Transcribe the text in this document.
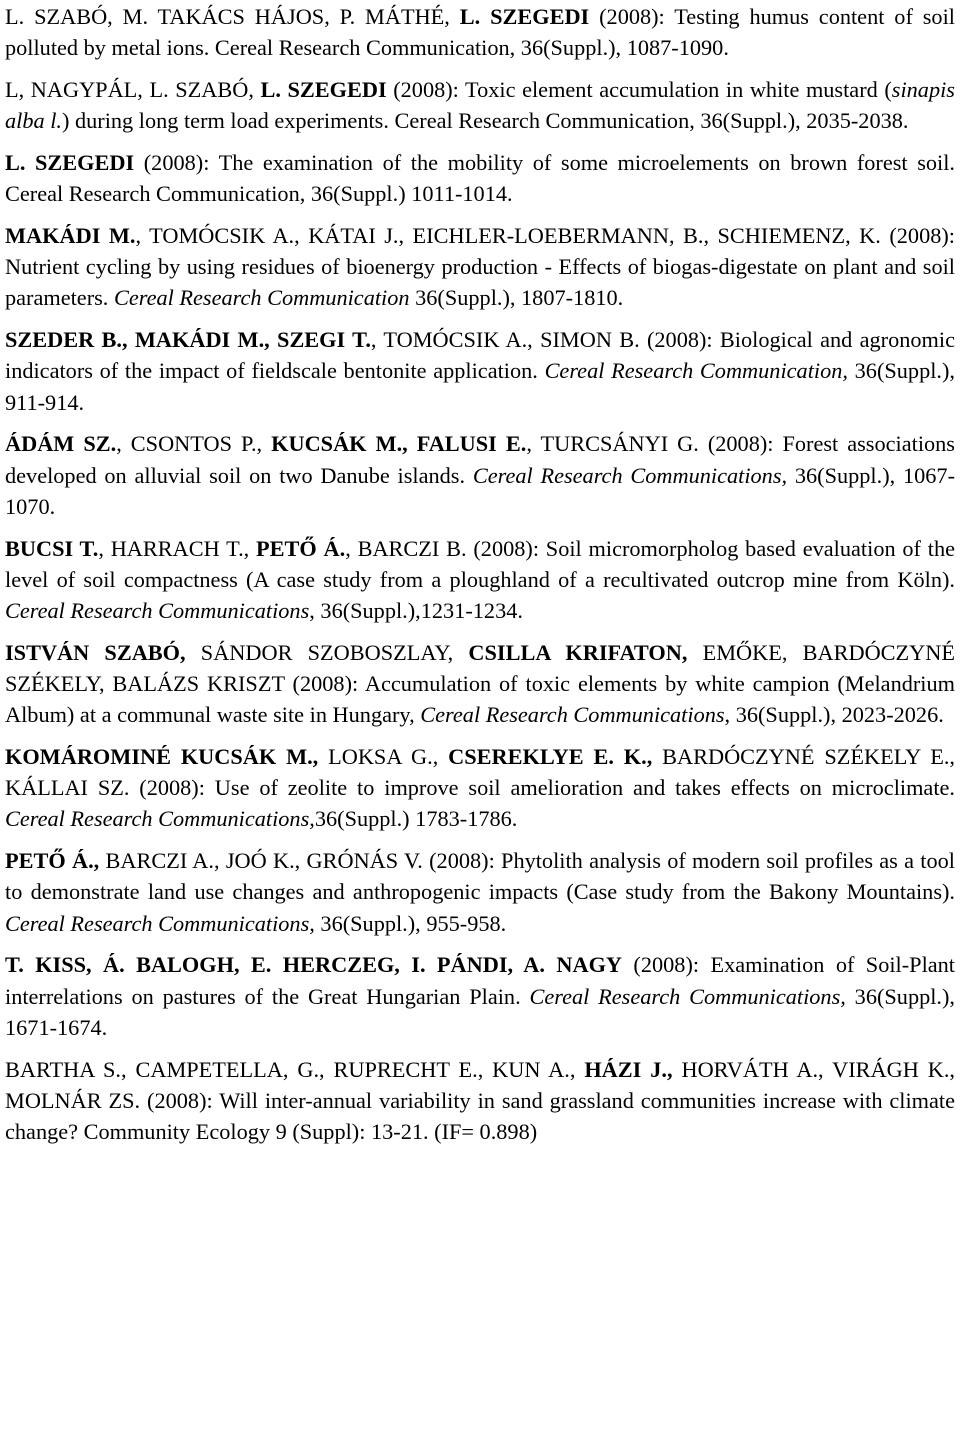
L. SZABÓ, M. TAKÁCS HÁJOS, P. MÁTHÉ, L. SZEGEDI (2008): Testing humus content of soil polluted by metal ions. Cereal Research Communication, 36(Suppl.), 1087-1090.

L, NAGYPÁL, L. SZABÓ, L. SZEGEDI (2008): Toxic element accumulation in white mustard (sinapis alba l.) during long term load experiments. Cereal Research Communication, 36(Suppl.), 2035-2038.

L. SZEGEDI (2008): The examination of the mobility of some microelements on brown forest soil. Cereal Research Communication, 36(Suppl.) 1011-1014.

MAKÁDI M., TOMÓCSIK A., KÁTAI J., EICHLER-LOEBERMANN, B., SCHIEMENZ, K. (2008): Nutrient cycling by using residues of bioenergy production - Effects of biogas-digestate on plant and soil parameters. Cereal Research Communication 36(Suppl.), 1807-1810.

SZEDER B., MAKÁDI M., SZEGI T., TOMÓCSIK A., SIMON B. (2008): Biological and agronomic indicators of the impact of fieldscale bentonite application. Cereal Research Communication, 36(Suppl.), 911-914.

ÁDÁM SZ., CSONTOS P., KUCSÁK M., FALUSI E., TURCSÁNYI G. (2008): Forest associations developed on alluvial soil on two Danube islands. Cereal Research Communications, 36(Suppl.), 1067- 1070.

BUCSI T., HARRACH T., PETŐ Á., BARCZI B. (2008): Soil micromorpholog based evaluation of the level of soil compactness (A case study from a ploughland of a recultivated outcrop mine from Köln). Cereal Research Communications, 36(Suppl.),1231-1234.

ISTVÁN SZABÓ, SÁNDOR SZOBOSZLAY, CSILLA KRIFATON, EMŐKE, BARDÓCZYNÉ SZÉKELY, BALÁZS KRISZT (2008): Accumulation of toxic elements by white campion (Melandrium Album) at a communal waste site in Hungary, Cereal Research Communications, 36(Suppl.), 2023-2026.

KOMÁROMINÉ KUCSÁK M., LOKSA G., CSEREKLYE E. K., BARDÓCZYNÉ SZÉKELY E., KÁLLAI SZ. (2008): Use of zeolite to improve soil amelioration and takes effects on microclimate. Cereal Research Communications,36(Suppl.) 1783-1786.

PETŐ Á., BARCZI A., JOÓ K., GRÓNÁS V. (2008): Phytolith analysis of modern soil profiles as a tool to demonstrate land use changes and anthropogenic impacts (Case study from the Bakony Mountains). Cereal Research Communications, 36(Suppl.), 955-958.

T. KISS, Á. BALOGH, E. HERCZEG, I. PÁNDI, A. NAGY (2008): Examination of Soil-Plant interrelations on pastures of the Great Hungarian Plain. Cereal Research Communications, 36(Suppl.), 1671-1674.

BARTHA S., CAMPETELLA, G., RUPRECHT E., KUN A., HÁZI J., HORVÁTH A., VIRÁGH K., MOLNÁR ZS. (2008): Will inter-annual variability in sand grassland communities increase with climate change? Community Ecology 9 (Suppl): 13-21. (IF= 0.898)
